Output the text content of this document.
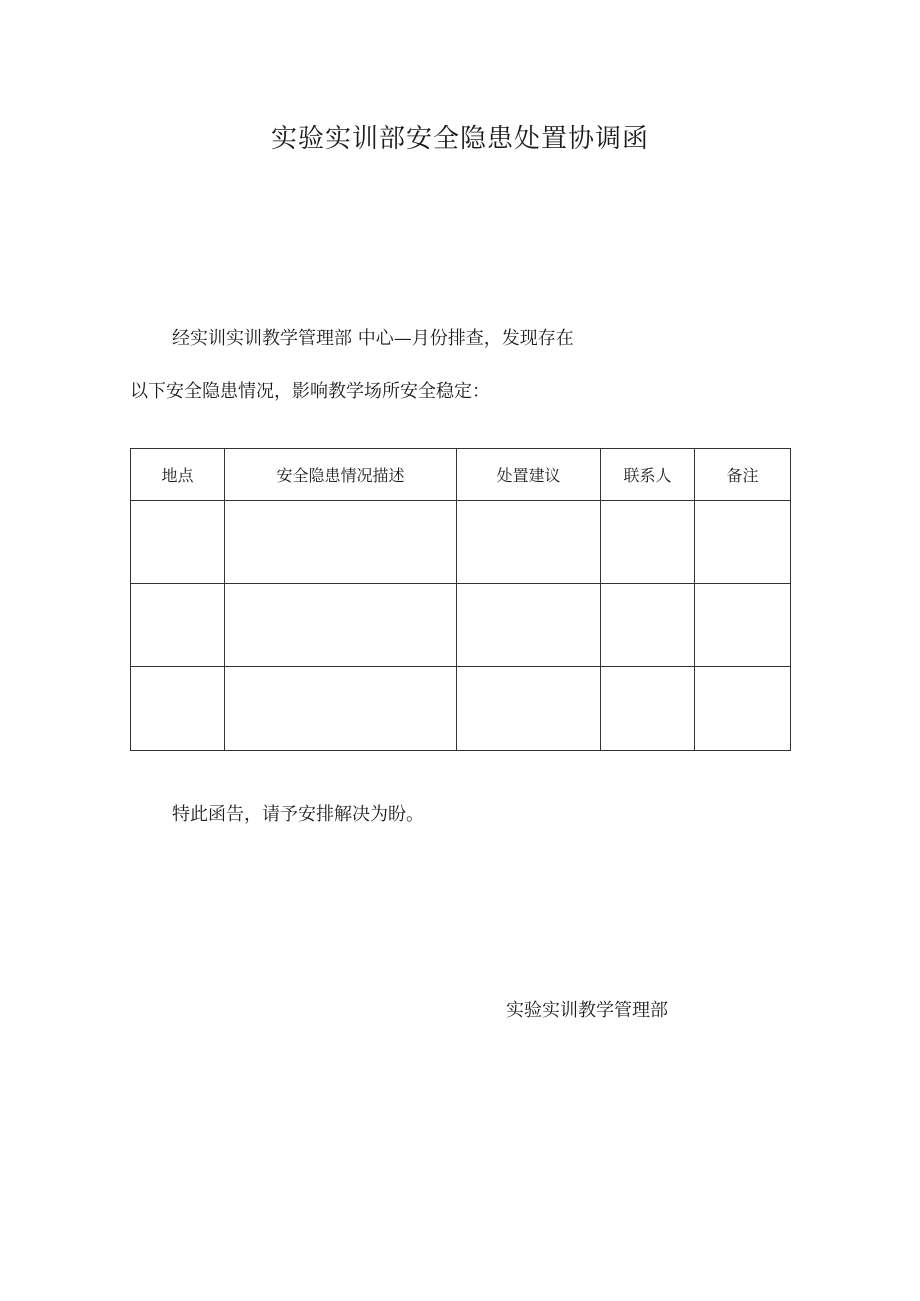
实验实训部安全隐患处置协调函
经实训实训教学管理部 中心—月份排查，发现存在
以下安全隐患情况，影响教学场所安全稳定：
地点	安全隐患情况描述	处置建议	联系人	备注

特此函告，请予安排解决为盼。
实验实训教学管理部
